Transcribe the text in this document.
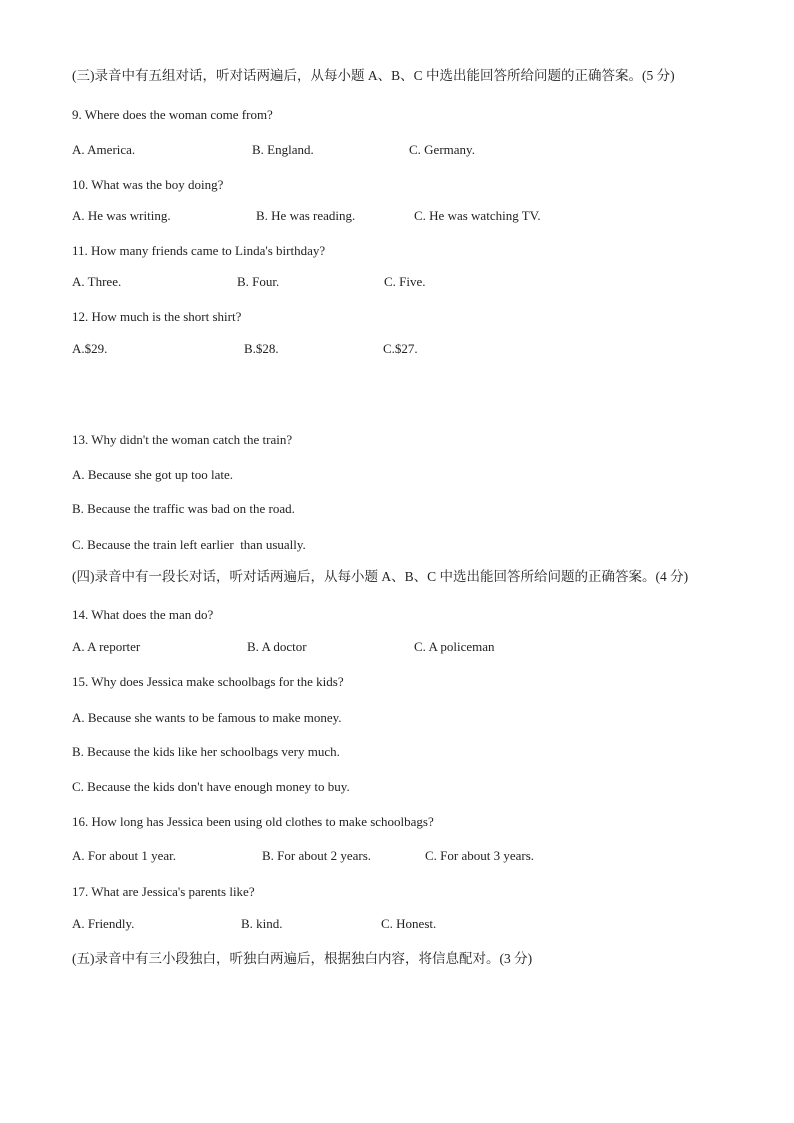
(三)录音中有五组对话，听对话两遍后，从每小题 A、B、C 中选出能回答所给问题的正确答案。(5 分)
9. Where does the woman come from?
A. America.	B. England.	C. Germany.
10. What was the boy doing?
A. He was writing.	B. He was reading.	C. He was watching TV.
11. How many friends came to Linda's birthday?
A. Three.	B. Four.	C. Five.
12. How much is the short shirt?
A.$29.	B.$28.	C.$27.
13. Why didn't the woman catch the train?
A. Because she got up too late.
B. Because the traffic was bad on the road.
C. Because the train left earlier  than usually.
(四)录音中有一段长对话，听对话两遍后，从每小题 A、B、C 中选出能回答所给问题的正确答案。(4 分)
14. What does the man do?
A. A reporter	B. A doctor	C. A policeman
15. Why does Jessica make schoolbags for the kids?
A. Because she wants to be famous to make money.
B. Because the kids like her schoolbags very much.
C. Because the kids don't have enough money to buy.
16. How long has Jessica been using old clothes to make schoolbags?
A. For about 1 year.	B. For about 2 years.	C. For about 3 years.
17. What are Jessica's parents like?
A. Friendly.	B. kind.	C. Honest.
(五)录音中有三小段独白，听独白两遍后，根据独白内容，将信息配对。(3 分)
